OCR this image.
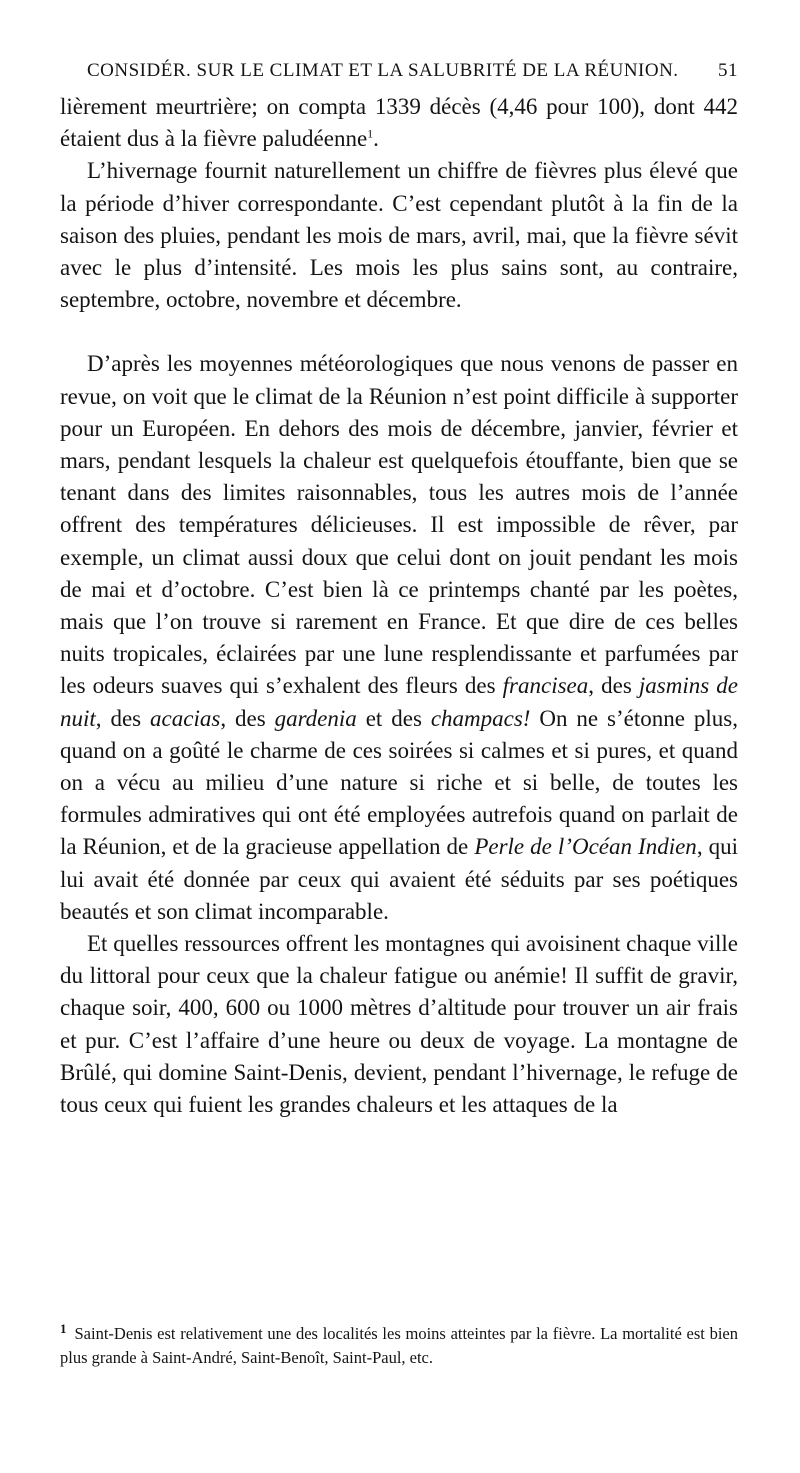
CONSIDÉR. SUR LE CLIMAT ET LA SALUBRITÉ DE LA RÉUNION. 51

lièrement meurtrière; on compta 1339 décès (4,46 pour 100), dont 442 étaient dus à la fièvre paludéenne$^1$.

L’hivernage fournit naturellement un chiffre de fièvres plus élevé que la période d’hiver correspondante. C’est cependant plutôt à la fin de la saison des pluies, pendant les mois de mars, avril, mai, que la fièvre sévit avec le plus d’intensité. Les mois les plus sains sont, au contraire, septembre, octobre, novembre et décembre.

D’après les moyennes météorologiques que nous venons de passer en revue, on voit que le climat de la Réunion n’est point difficile à supporter pour un Européen. En dehors des mois de décembre, janvier, février et mars, pendant lesquels la chaleur est quelquefois étouffante, bien que se tenant dans des limites raisonnables, tous les autres mois de l’année offrent des températures délicieuses. Il est impossible de rêver, par exemple, un climat aussi doux que celui dont on jouit pendant les mois de mai et d’octobre. C’est bien là ce printemps chanté par les poètes, mais que l’on trouve si rarement en France. Et que dire de ces belles nuits tropicales, éclairées par une lune resplendissante et parfumées par les odeurs suaves qui s’exhalent des fleurs des francisea, des jasmins de nuit, des acacias, des gardenia et des champacs! On ne s’étonne plus, quand on a goûté le charme de ces soirées si calmes et si pures, et quand on a vécu au milieu d’une nature si riche et si belle, de toutes les formules admiratives qui ont été employées autrefois quand on parlait de la Réunion, et de la gracieuse appellation de Perle de l’Océan Indien, qui lui avait été donnée par ceux qui avaient été séduits par ses poétiques beautés et son climat incomparable.

Et quelles ressources offrent les montagnes qui avoisinent chaque ville du littoral pour ceux que la chaleur fatigue ou anémie! Il suffit de gravir, chaque soir, 400, 600 ou 1000 mètres d’altitude pour trouver un air frais et pur. C’est l’affaire d’une heure ou deux de voyage. La montagne de Brûlé, qui domine Saint-Denis, devient, pendant l’hivernage, le refuge de tous ceux qui fuient les grandes chaleurs et les attaques de la

$^1$ Saint-Denis est relativement une des localités les moins atteintes par la fièvre. La mortalité est bien plus grande à Saint-André, Saint-Benoît, Saint-Paul, etc.
